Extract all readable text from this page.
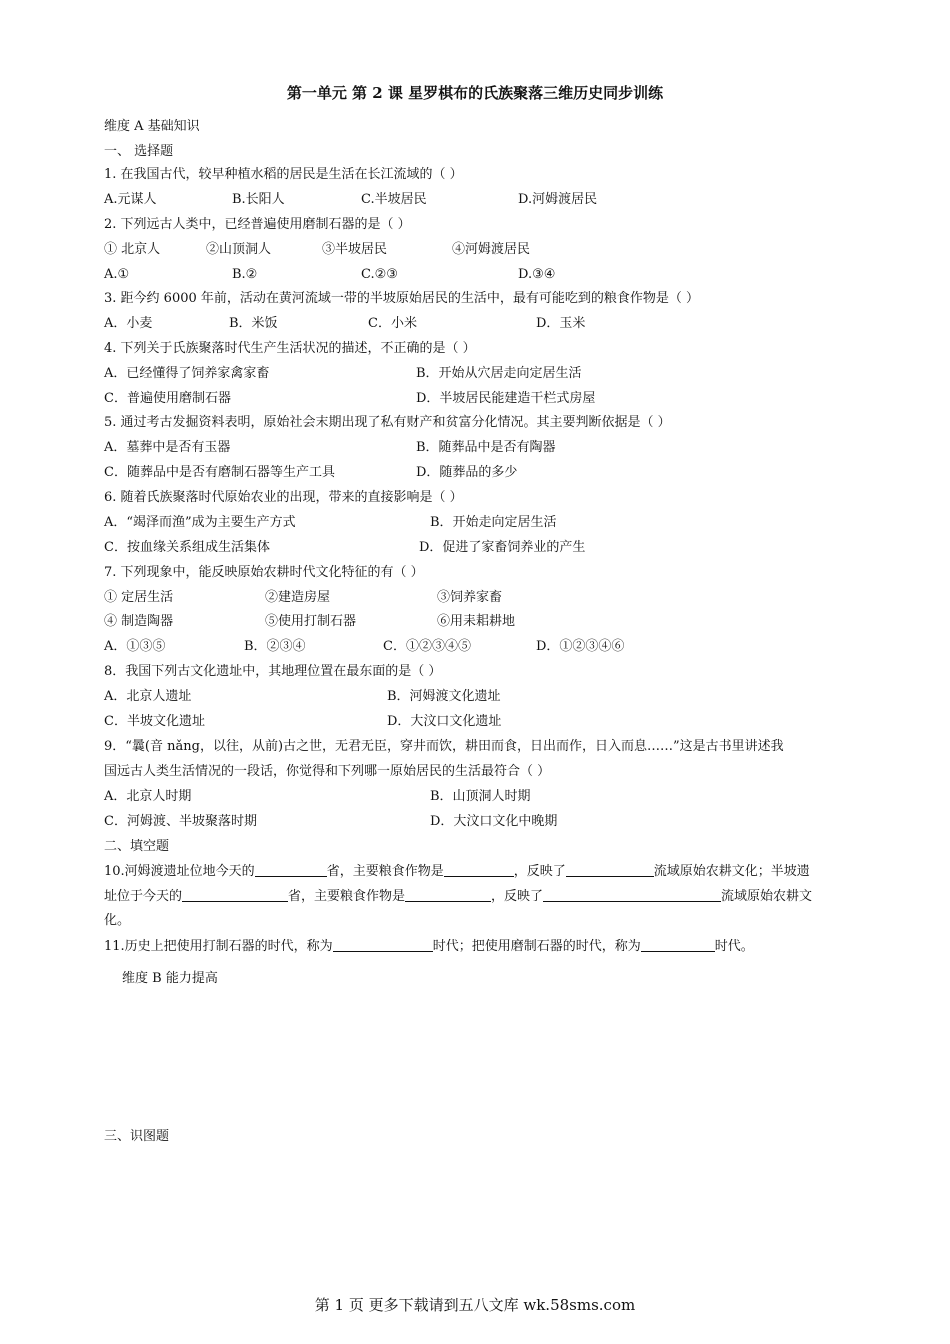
第一单元 第 2 课 星罗棋布的氏族聚落三维历史同步训练
维度 A 基础知识
一、 选择题
1. 在我国古代，较早种植水稻的居民是生活在长江流域的（ ）
A.元谋人	B.长阳人	C.半坡居民	D.河姆渡居民
2. 下列远古人类中，已经普遍使用磨制石器的是（ ）
① 北京人	②山顶洞人	③半坡居民	④河姆渡居民
A.①	B.②	C.②③	D.③④
3. 距今约 6000 年前，活动在黄河流域一带的半坡原始居民的生活中，最有可能吃到的粮食作物是（ ）
A．小麦	B．米饭	C．小米	D．玉米
4. 下列关于氏族聚落时代生产生活状况的描述，不正确的是（ ）
A．已经懂得了饲养家禽家畜	B．开始从穴居走向定居生活
C．普遍使用磨制石器	D．半坡居民能建造干栏式房屋
5. 通过考古发掘资料表明，原始社会末期出现了私有财产和贫富分化情况。其主要判断依据是（ ）
A．墓葬中是否有玉器	B．随葬品中是否有陶器
C．随葬品中是否有磨制石器等生产工具	D．随葬品的多少
6. 随着氏族聚落时代原始农业的出现，带来的直接影响是（ ）
A．“竭泽而渔”成为主要生产方式	B．开始走向定居生活
C．按血缘关系组成生活集体	D．促进了家畜饲养业的产生
7. 下列现象中，能反映原始农耕时代文化特征的有（ ）
① 定居生活	②建造房屋	③饲养家畜
④ 制造陶器	⑤使用打制石器	⑥用耒耜耕地
A．①③⑤	B．②③④	C．①②③④⑤	D．①②③④⑥
8．我国下列古文化遗址中，其地理位置在最东面的是（ ）
A．北京人遗址	B．河姆渡文化遗址
C．半坡文化遗址	D．大汶口文化遗址
9．“曩(音 nǎng，以往，从前)古之世，无君无臣，穿井而饮，耕田而食，日出而作，日入而息……”这是古书里讲述我
国远古人类生活情况的一段话，你觉得和下列哪一原始居民的生活最符合（ ）
A．北京人时期	B．山顶洞人时期
C．河姆渡、半坡聚落时期	D．大汶口文化中晚期
二、填空题
10.河姆渡遗址位地今天的	省，主要粮食作物是	，反映了	流域原始农耕文化；半坡遗
址位于今天的	省，主要粮食作物是	，反映了	流域原始农耕文
化。
11.历史上把使用打制石器的时代，称为	时代；把使用磨制石器的时代，称为	时代。
维度 B 能力提高
三、识图题
第 1 页 更多下载请到五八文库 wk.58sms.com
